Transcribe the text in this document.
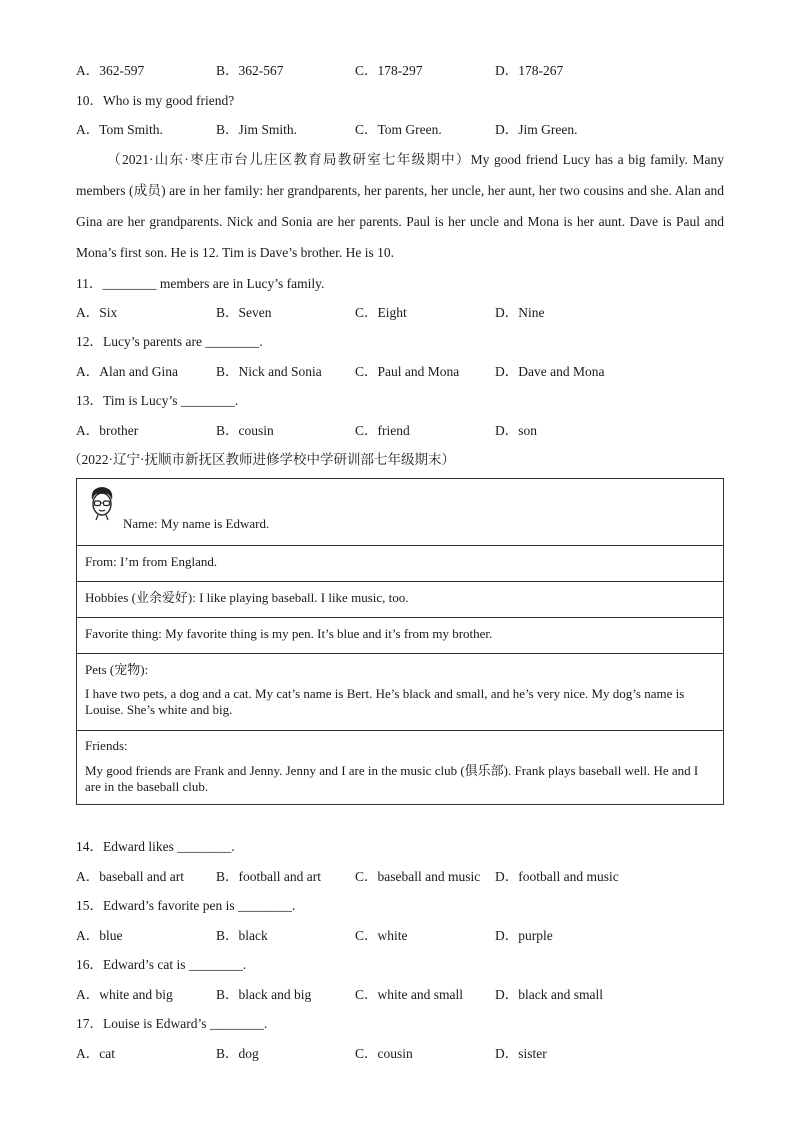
A．362-597	B．362-567	C．178-297	D．178-267
10．Who is my good friend?
A．Tom Smith.	B．Jim Smith.	C．Tom Green.	D．Jim Green.
（2021·山东·枣庄市台儿庄区教育局教研室七年级期中）My good friend Lucy has a big family. Many members (成员) are in her family: her grandparents, her parents, her uncle, her aunt, her two cousins and she. Alan and Gina are her grandparents. Nick and Sonia are her parents. Paul is her uncle and Mona is her aunt. Dave is Paul and Mona’s first son. He is 12. Tim is Dave’s brother. He is 10.
11．________ members are in Lucy’s family.
A．Six	B．Seven	C．Eight	D．Nine
12．Lucy’s parents are ________.
A．Alan and Gina	B．Nick and Sonia C．Paul and Mona	D．Dave and Mona
13．Tim is Lucy’s ________.
A．brother	B．cousin	C．friend	D．son
（2022·辽宁·抚顺市新抚区教师进修学校中学研训部七年级期末）
Name: My name is Edward.
From: I’m from England.
Hobbies (业余爱好): I like playing baseball. I like music, too.
Favorite thing: My favorite thing is my pen. It’s blue and it’s from my brother.
Pets (宠物):
I have two pets, a dog and a cat. My cat’s name is Bert. He’s black and small, and he’s very nice. My dog’s name is Louise. She’s white and big.
Friends:
My good friends are Frank and Jenny. Jenny and I are in the music club (俱乐部). Frank plays baseball well. He and I are in the baseball club.
14．Edward likes ________.
A．baseball and art B．football and art	C．baseball and music D．football and music
15．Edward’s favorite pen is ________.
A．blue	B．black	C．white	D．purple
16．Edward’s cat is ________.
A．white and big	B．black and big	C．white and small D．black and small
17．Louise is Edward’s ________.
A．cat	B．dog	C．cousin	D．sister
